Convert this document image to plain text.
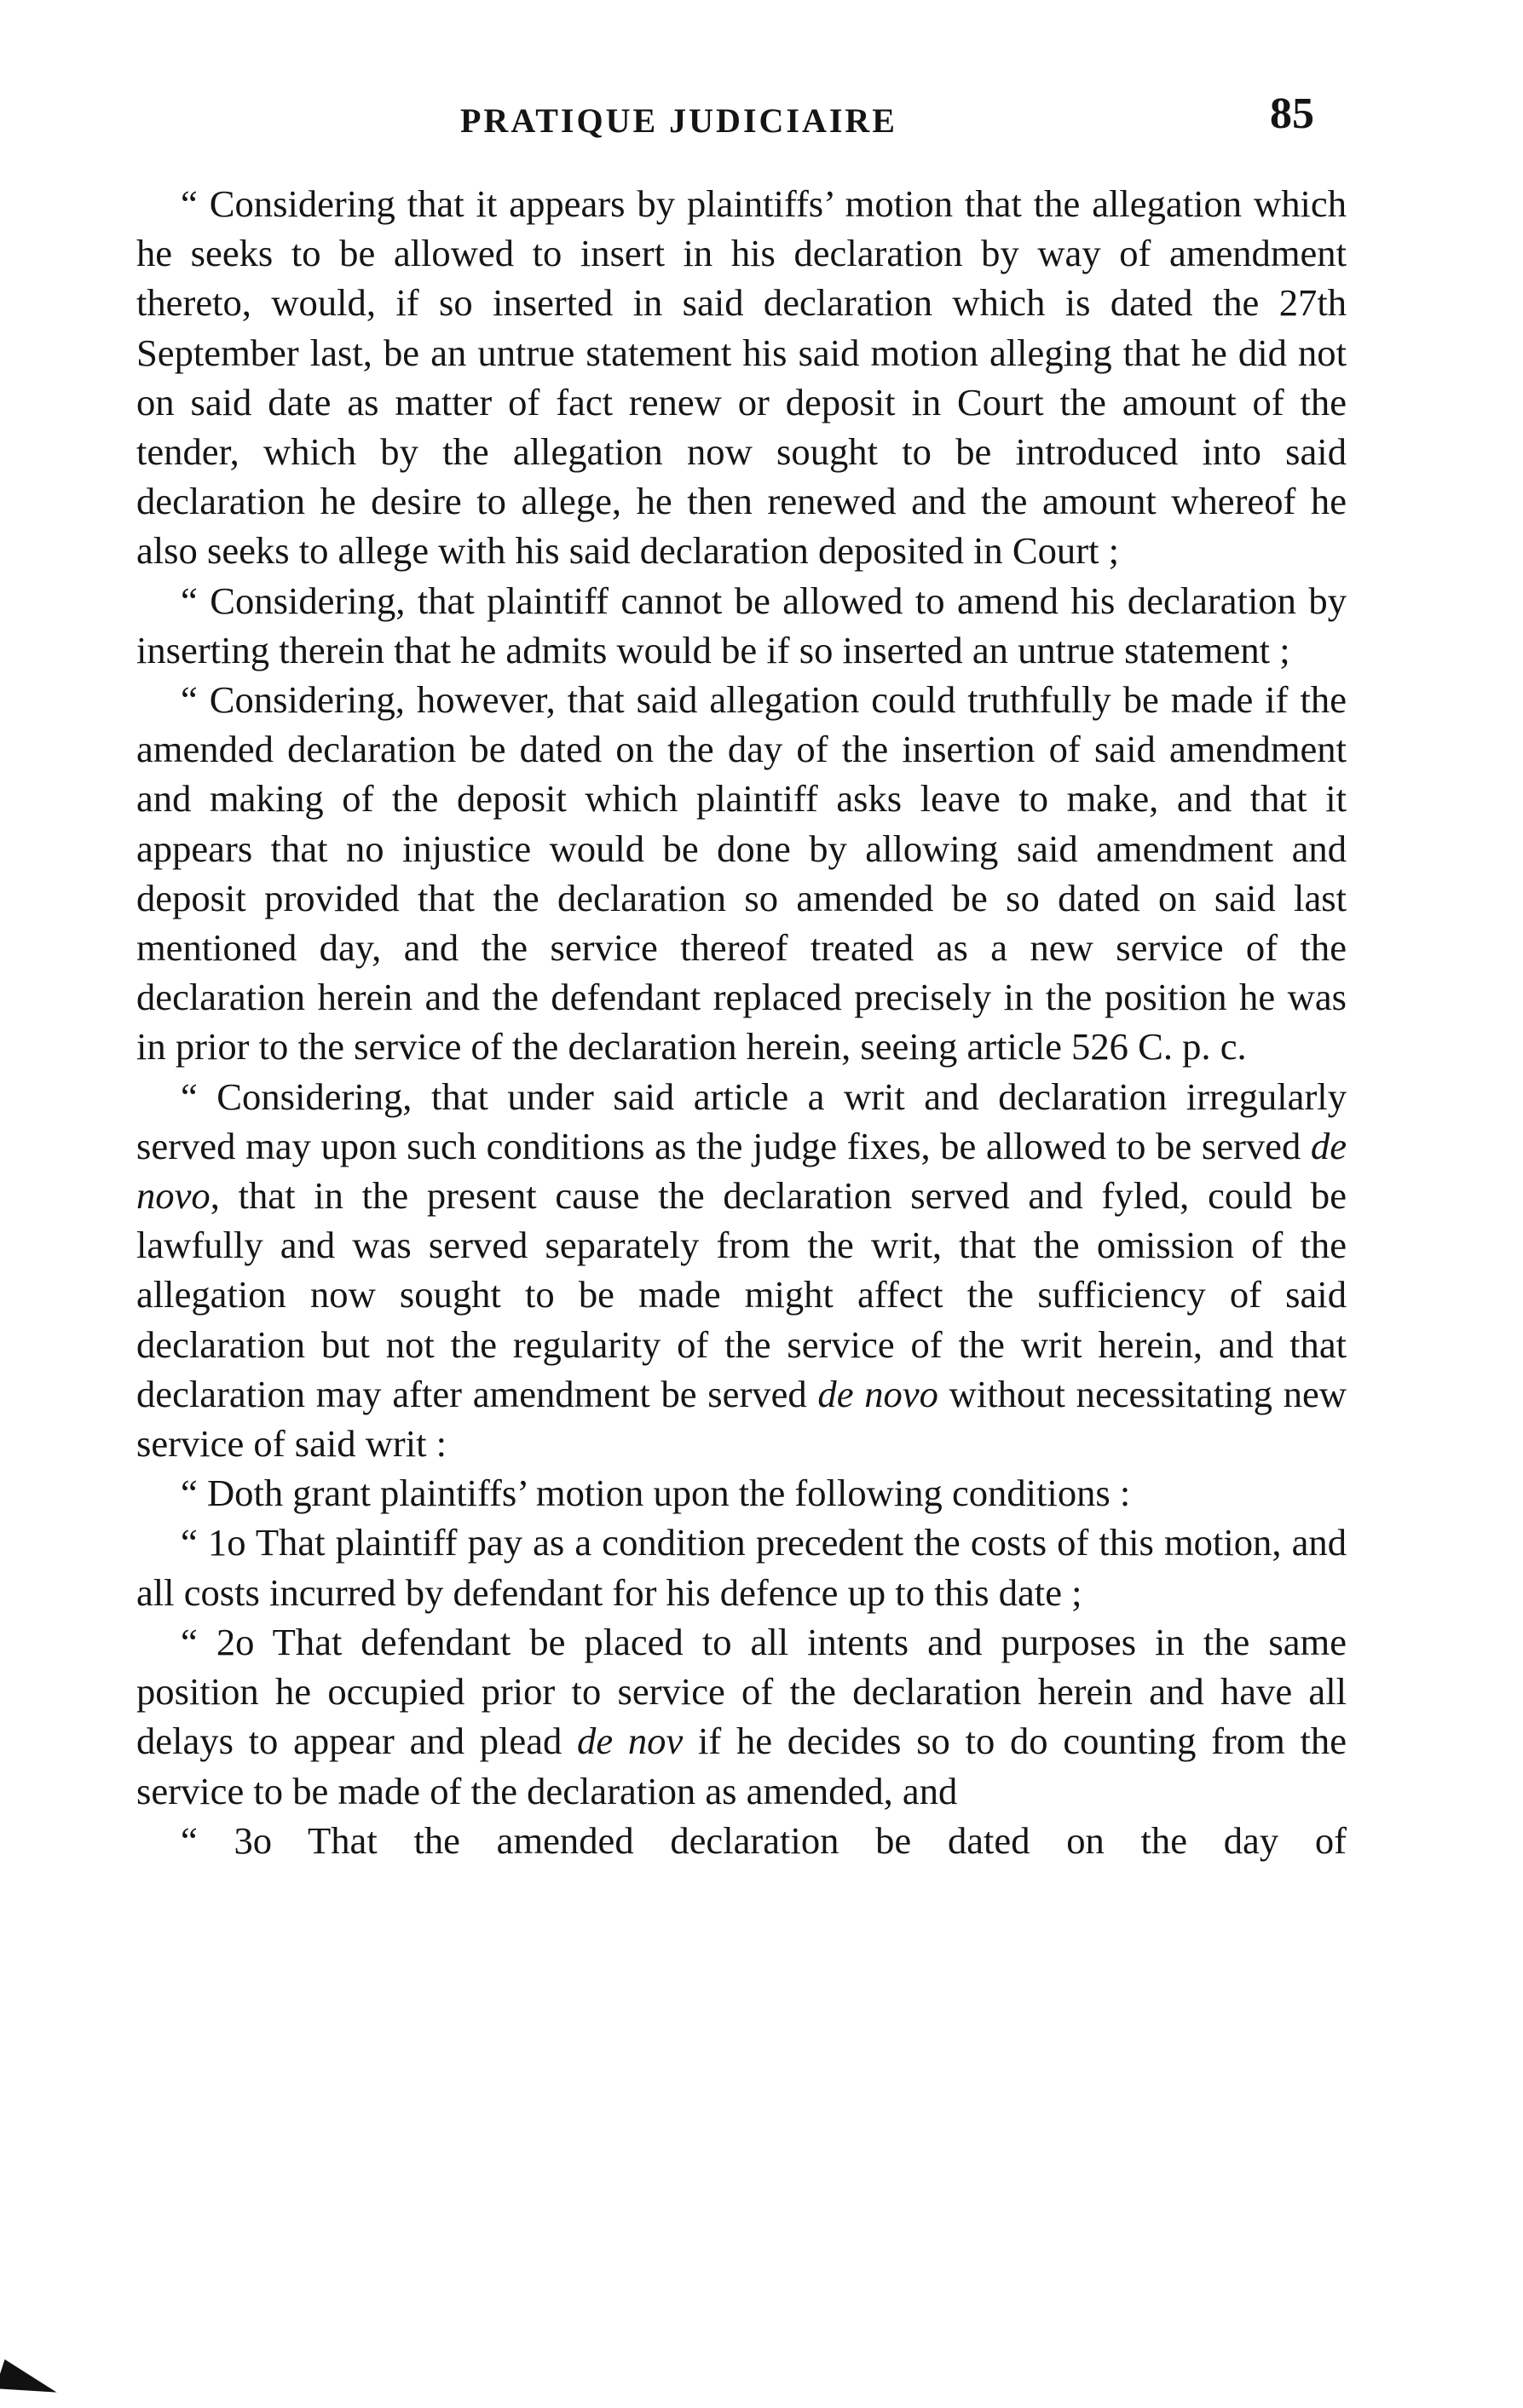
PRATIQUE JUDICIAIRE	85

“ Considering that it appears by plaintiffs’ motion that the allegation which he seeks to be allowed to insert in his declaration by way of amendment thereto, would, if so inserted in said declaration which is dated the 27th September last, be an untrue statement his said motion alleging that he did not on said date as matter of fact renew or deposit in Court the amount of the tender, which by the allegation now sought to be introduced into said declaration he desire to allege, he then renewed and the amount whereof he also seeks to allege with his said declaration deposited in Court ;

“ Considering, that plaintiff cannot be allowed to amend his declaration by inserting therein that he admits would be if so inserted an untrue statement ;

“ Considering, however, that said allegation could truthfully be made if the amended declaration be dated on the day of the insertion of said amendment and making of the deposit which plaintiff asks leave to make, and that it appears that no injustice would be done by allowing said amendment and deposit provided that the declaration so amended be so dated on said last mentioned day, and the service thereof treated as a new service of the declaration herein and the defendant replaced precisely in the position he was in prior to the service of the declaration herein, seeing article 526 C. p. c.

“ Considering, that under said article a writ and declaration irregularly served may upon such conditions as the judge fixes, be allowed to be served de novo, that in the present cause the declaration served and fyled, could be lawfully and was served separately from the writ, that the omission of the allegation now sought to be made might affect the sufficiency of said declaration but not the regularity of the service of the writ herein, and that declaration may after amendment be served de novo without necessitating new service of said writ :

“ Doth grant plaintiffs’ motion upon the following conditions :

“ 1o That plaintiff pay as a condition precedent the costs of this motion, and all costs incurred by defendant for his defence up to this date ;

“ 2o That defendant be placed to all intents and purposes in the same position he occupied prior to service of the declaration herein and have all delays to appear and plead de nov if he decides so to do counting from the service to be made of the declaration as amended, and

“ 3o That the amended declaration be dated on the day of
